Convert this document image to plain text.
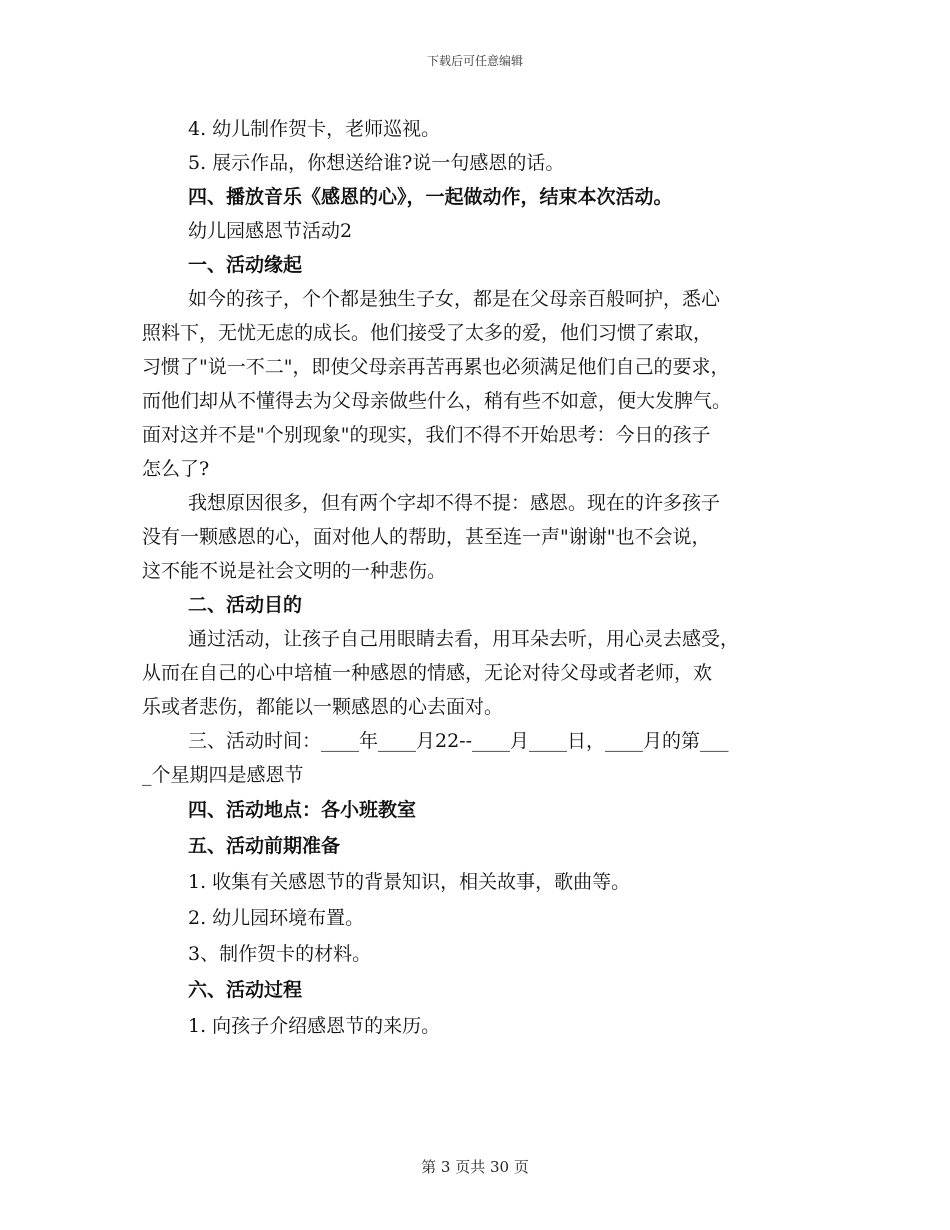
下载后可任意编辑
4. 幼儿制作贺卡，老师巡视。
5. 展示作品，你想送给谁?说一句感恩的话。
四、播放音乐《感恩的心》，一起做动作，结束本次活动。
幼儿园感恩节活动2
一、活动缘起
如今的孩子，个个都是独生子女，都是在父母亲百般呵护，悉心
照料下，无忧无虑的成长。他们接受了太多的爱，他们习惯了索取，
习惯了"说一不二"，即使父母亲再苦再累也必须满足他们自己的要求，
而他们却从不懂得去为父母亲做些什么，稍有些不如意，便大发脾气。
面对这并不是"个别现象"的现实，我们不得不开始思考：今日的孩子
怎么了?
我想原因很多，但有两个字却不得不提：感恩。现在的许多孩子
没有一颗感恩的心，面对他人的帮助，甚至连一声"谢谢"也不会说，
这不能不说是社会文明的一种悲伤。
二、活动目的
通过活动，让孩子自己用眼睛去看，用耳朵去听，用心灵去感受，
从而在自己的心中培植一种感恩的情感，无论对待父母或者老师，欢
乐或者悲伤，都能以一颗感恩的心去面对。
三、活动时间：____年____月22--____月____日，____月的第___
_个星期四是感恩节
四、活动地点：各小班教室
五、活动前期准备
1. 收集有关感恩节的背景知识，相关故事，歌曲等。
2. 幼儿园环境布置。
3、制作贺卡的材料。
六、活动过程
1. 向孩子介绍感恩节的来历。
第 3 页共 30 页
